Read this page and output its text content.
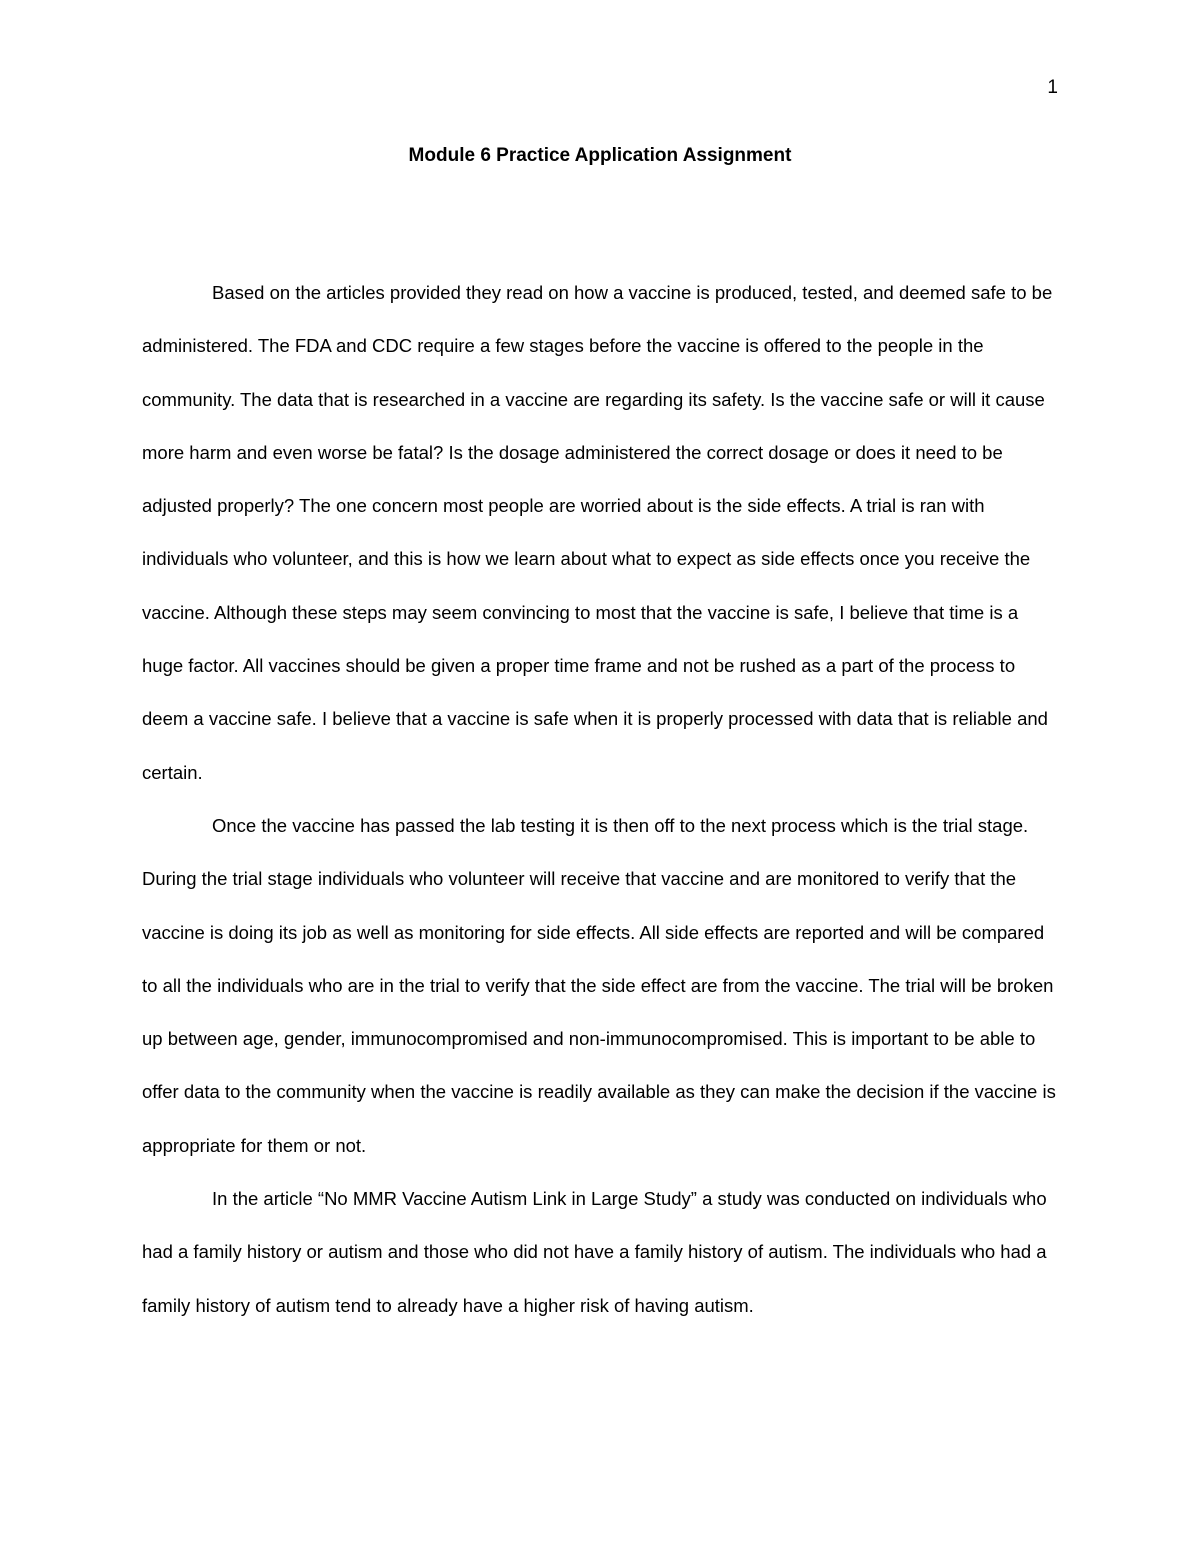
1
Module 6 Practice Application Assignment

Based on the articles provided they read on how a vaccine is produced, tested, and deemed safe to be administered. The FDA and CDC require a few stages before the vaccine is offered to the people in the community. The data that is researched in a vaccine are regarding its safety. Is the vaccine safe or will it cause more harm and even worse be fatal? Is the dosage administered the correct dosage or does it need to be adjusted properly? The one concern most people are worried about is the side effects. A trial is ran with individuals who volunteer, and this is how we learn about what to expect as side effects once you receive the vaccine. Although these steps may seem convincing to most that the vaccine is safe, I believe that time is a huge factor. All vaccines should be given a proper time frame and not be rushed as a part of the process to deem a vaccine safe. I believe that a vaccine is safe when it is properly processed with data that is reliable and certain.

Once the vaccine has passed the lab testing it is then off to the next process which is the trial stage. During the trial stage individuals who volunteer will receive that vaccine and are monitored to verify that the vaccine is doing its job as well as monitoring for side effects. All side effects are reported and will be compared to all the individuals who are in the trial to verify that the side effect are from the vaccine. The trial will be broken up between age, gender, immunocompromised and non-immunocompromised. This is important to be able to offer data to the community when the vaccine is readily available as they can make the decision if the vaccine is appropriate for them or not.

In the article “No MMR Vaccine Autism Link in Large Study” a study was conducted on individuals who had a family history or autism and those who did not have a family history of autism. The individuals who had a family history of autism tend to already have a higher risk of having autism.
